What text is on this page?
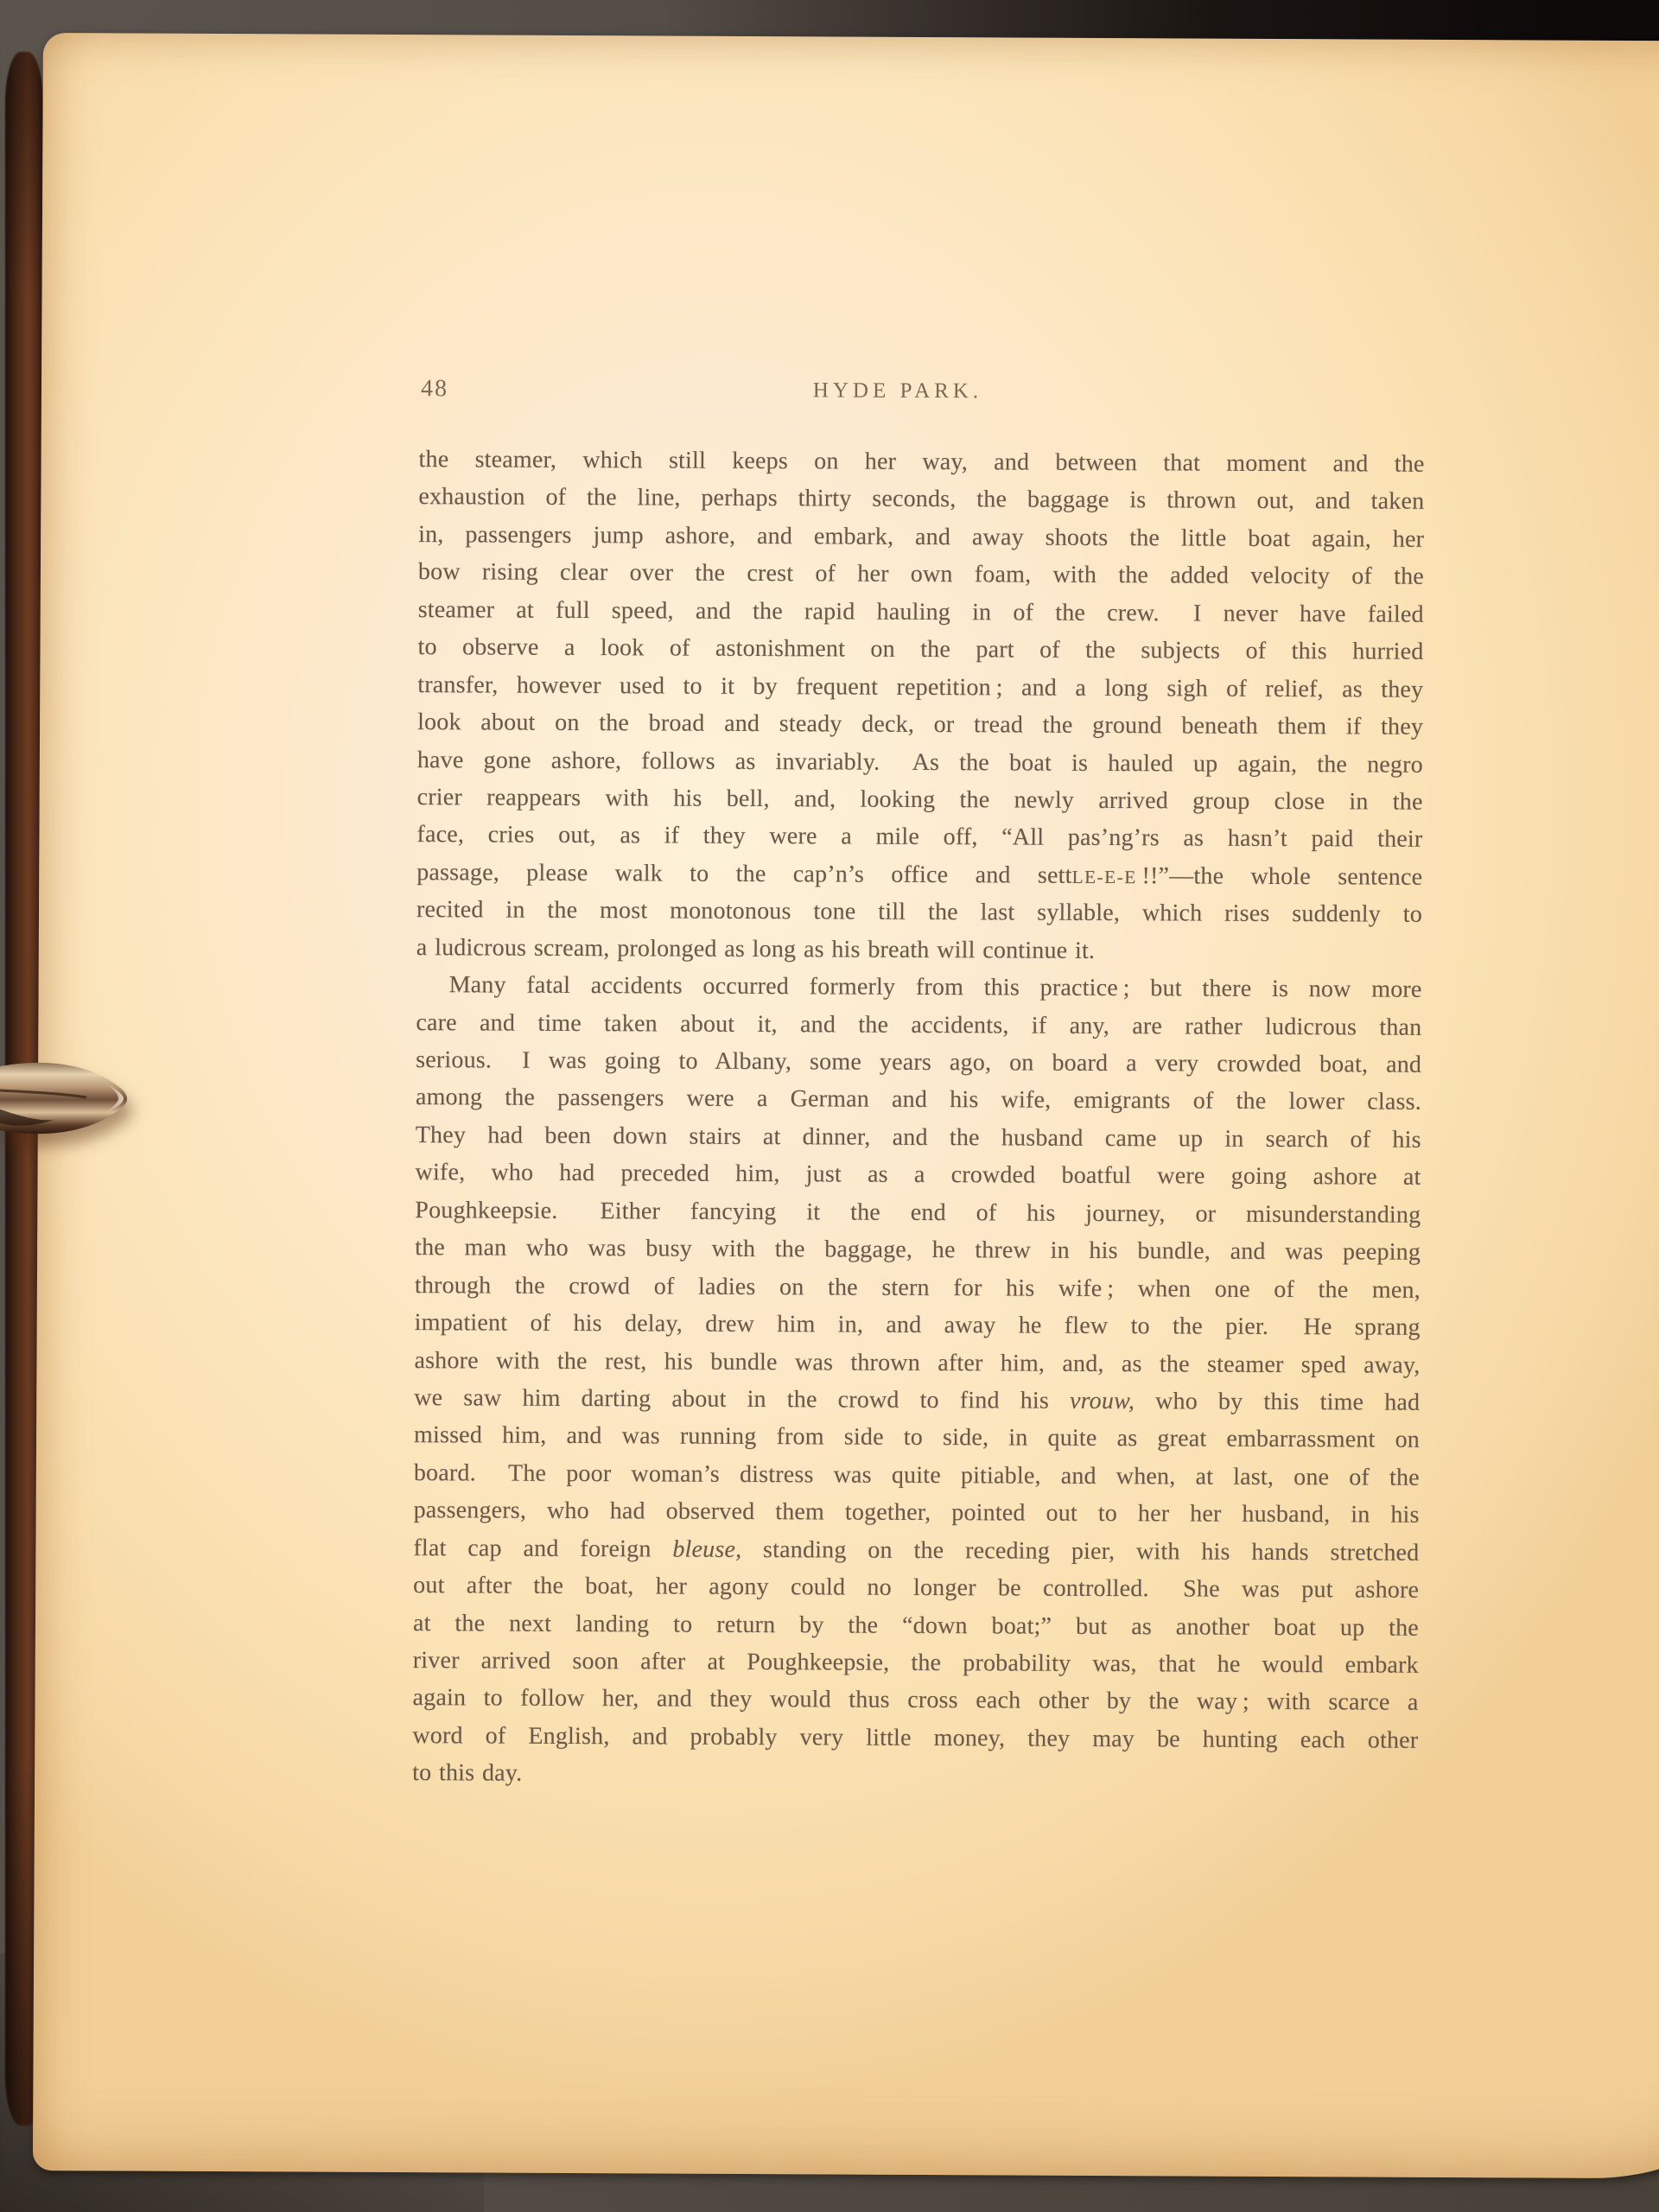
48	HYDE PARK.
the steamer, which still keeps on her way, and between that moment and the
exhaustion of the line, perhaps thirty seconds, the baggage is thrown out, and taken
in, passengers jump ashore, and embark, and away shoots the little boat again, her
bow rising clear over the crest of her own foam, with the added velocity of the
steamer at full speed, and the rapid hauling in of the crew.  I never have failed
to observe a look of astonishment on the part of the subjects of this hurried
transfer, however used to it by frequent repetition ; and a long sigh of relief, as they
look about on the broad and steady deck, or tread the ground beneath them if they
have gone ashore, follows as invariably.  As the boat is hauled up again, the negro
crier reappears with his bell, and, looking the newly arrived group close in the
face, cries out, as if they were a mile off, “All pas’ng’rs as hasn’t paid their
passage, please walk to the cap’n’s office and settLE-E-E !!”—the whole sentence
recited in the most monotonous tone till the last syllable, which rises suddenly to
a ludicrous scream, prolonged as long as his breath will continue it.
Many fatal accidents occurred formerly from this practice ; but there is now more
care and time taken about it, and the accidents, if any, are rather ludicrous than
serious.  I was going to Albany, some years ago, on board a very crowded boat, and
among the passengers were a German and his wife, emigrants of the lower class.
They had been down stairs at dinner, and the husband came up in search of his
wife, who had preceded him, just as a crowded boatful were going ashore at
Poughkeepsie.  Either fancying it the end of his journey, or misunderstanding
the man who was busy with the baggage, he threw in his bundle, and was peeping
through the crowd of ladies on the stern for his wife ; when one of the men,
impatient of his delay, drew him in, and away he flew to the pier.  He sprang
ashore with the rest, his bundle was thrown after him, and, as the steamer sped away,
we saw him darting about in the crowd to find his vrouw, who by this time had
missed him, and was running from side to side, in quite as great embarrassment on
board.  The poor woman’s distress was quite pitiable, and when, at last, one of the
passengers, who had observed them together, pointed out to her her husband, in his
flat cap and foreign bleuse, standing on the receding pier, with his hands stretched
out after the boat, her agony could no longer be controlled.  She was put ashore
at the next landing to return by the “down boat;” but as another boat up the
river arrived soon after at Poughkeepsie, the probability was, that he would embark
again to follow her, and they would thus cross each other by the way ; with scarce a
word of English, and probably very little money, they may be hunting each other
to this day.
